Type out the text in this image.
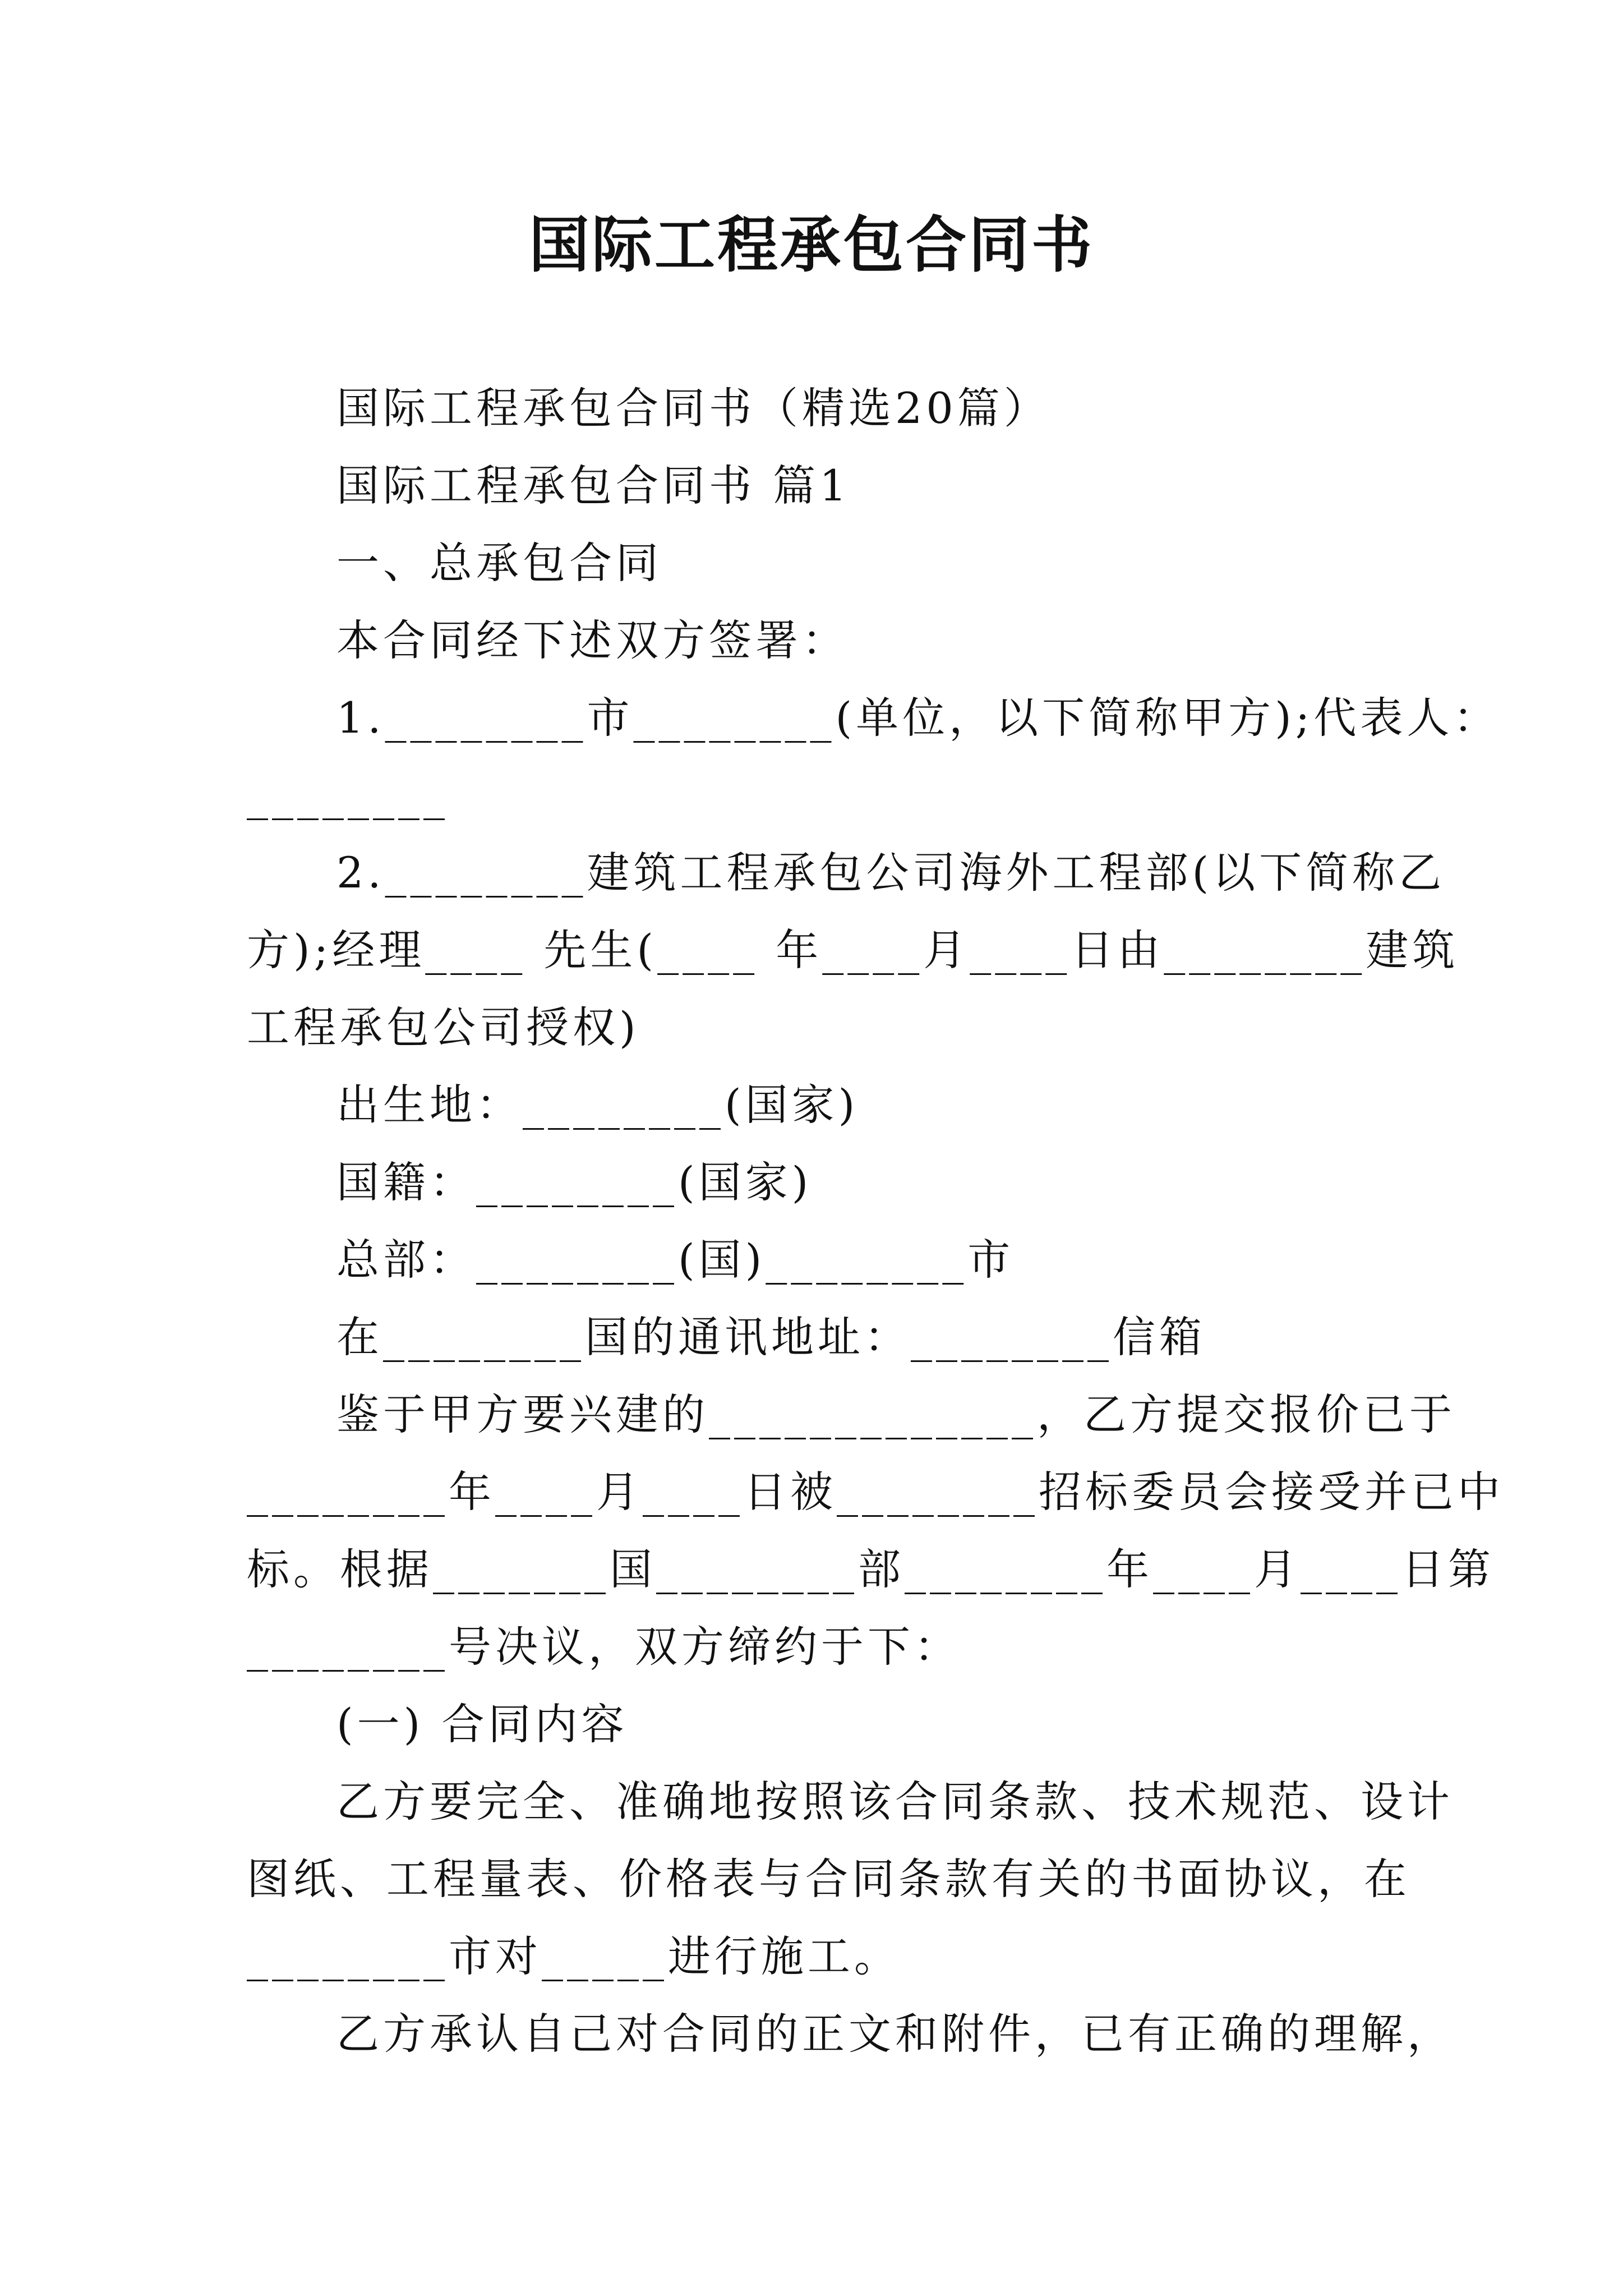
国际工程承包合同书
国际工程承包合同书（精选20篇）
国际工程承包合同书 篇1
一、总承包合同
本合同经下述双方签署：
1.________市________(单位，以下简称甲方);代表人：
________
2.________建筑工程承包公司海外工程部(以下简称乙
方);经理____ 先生(____ 年____月____日由________建筑
工程承包公司授权)
出生地：________(国家)
国籍：________(国家)
总部：________(国)________市
在________国的通讯地址：________信箱
鉴于甲方要兴建的_____________，乙方提交报价已于
________年____月____日被________招标委员会接受并已中
标。根据_______国________部________年____月____日第
________号决议，双方缔约于下：
(一) 合同内容
乙方要完全、准确地按照该合同条款、技术规范、设计
图纸、工程量表、价格表与合同条款有关的书面协议，在
________市对_____进行施工。
乙方承认自己对合同的正文和附件，已有正确的理解，
